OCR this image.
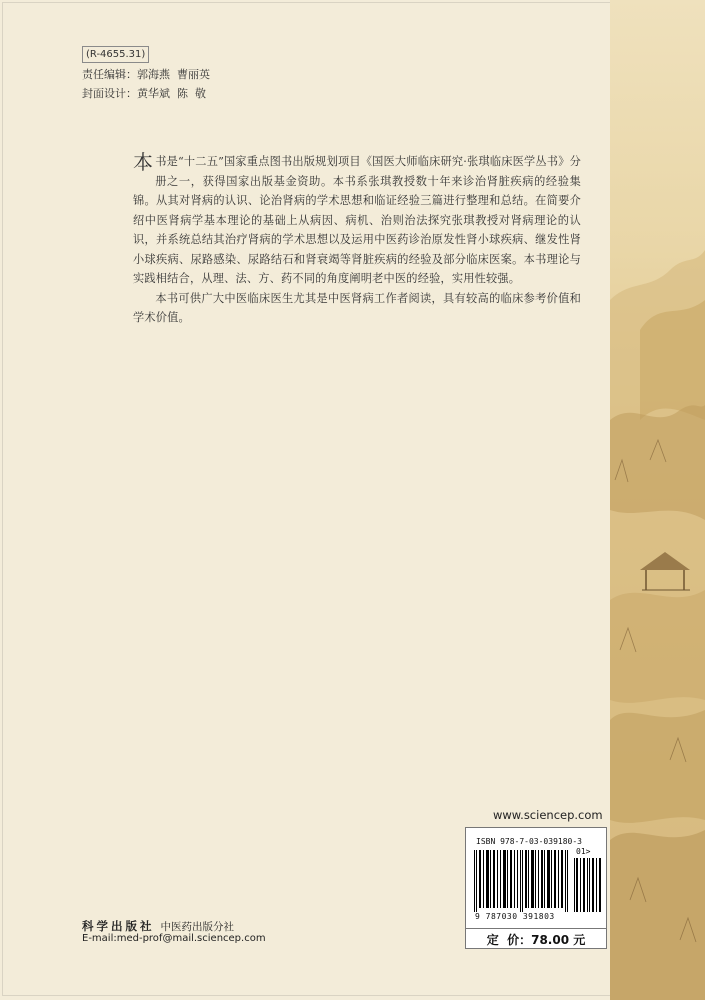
(R-4655.31)
责任编辑：郭海燕  曹丽英
封面设计：黄华斌  陈  敬

本书是“十二五”国家重点图书出版规划项目《国医大师临床研究·张琪临床医学丛书》分册之一，获得国家出版基金资助。本书系张琪教授数十年来诊治肾脏疾病的经验集锦。从其对肾病的认识、论治肾病的学术思想和临证经验三篇进行整理和总结。在简要介绍中医肾病学基本理论的基础上从病因、病机、治则治法探究张琪教授对肾病理论的认识，并系统总结其治疗肾病的学术思想以及运用中医药诊治原发性肾小球疾病、继发性肾小球疾病、尿路感染、尿路结石和肾衰竭等肾脏疾病的经验及部分临床医案。本书理论与实践相结合，从理、法、方、药不同的角度阐明老中医的经验，实用性较强。

本书可供广大中医临床医生尤其是中医肾病工作者阅读，具有较高的临床参考价值和学术价值。

www.sciencep.com
ISBN 978-7-03-039180-3
01>
9 787030 391803
定  价：78.00 元
科学出版社 中医药出版分社
E-mail:med-prof@mail.sciencep.com
